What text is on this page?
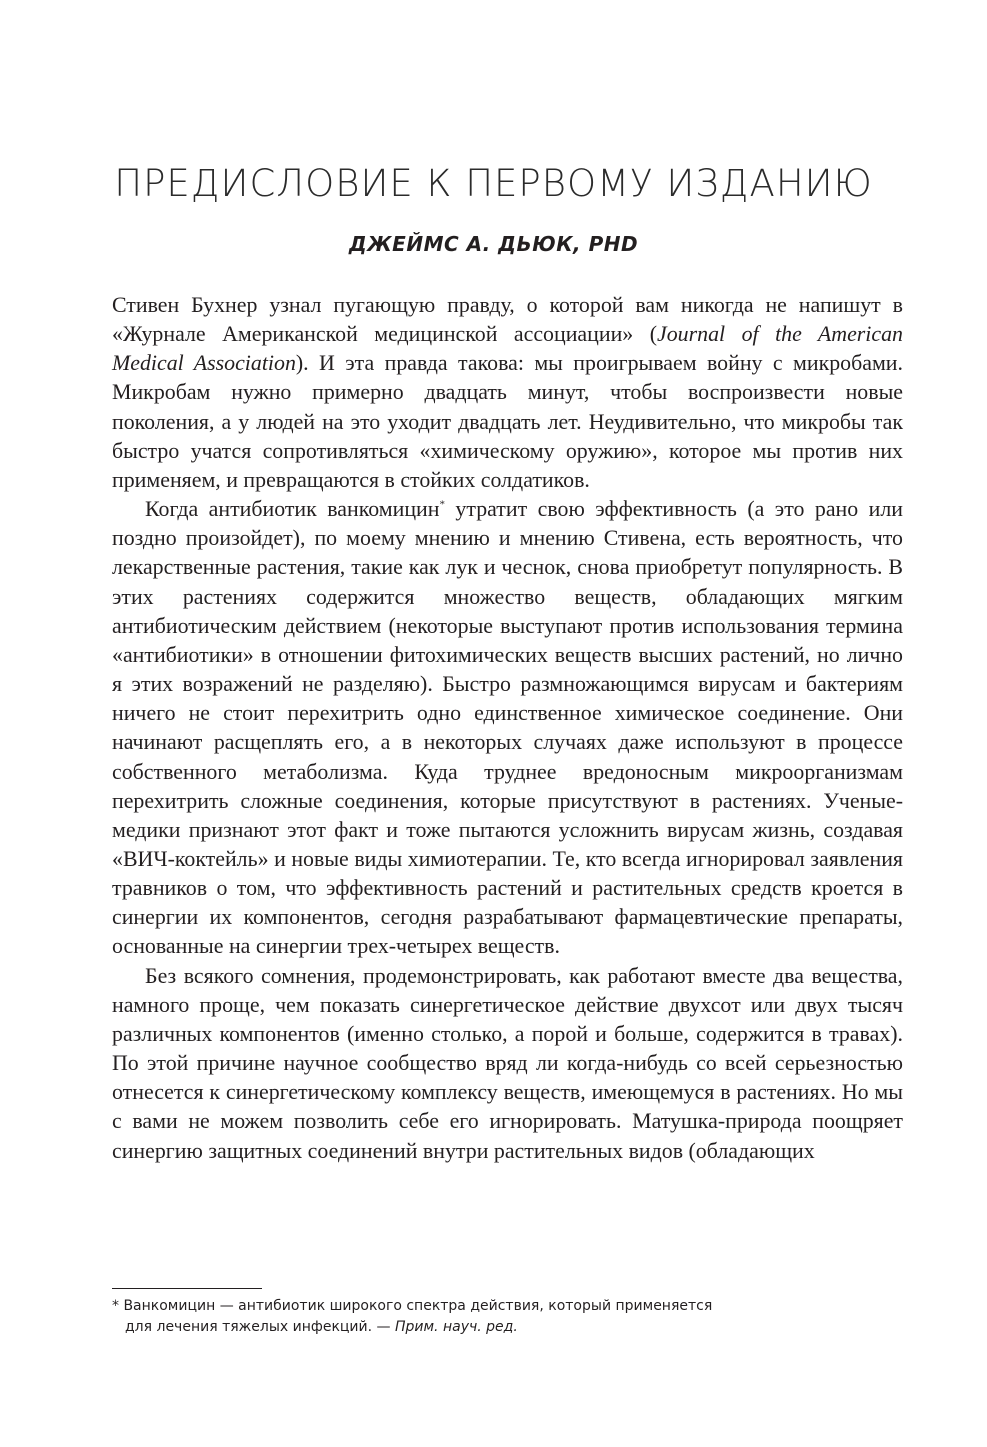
ПРЕДИСЛОВИЕ К ПЕРВОМУ ИЗДАНИЮ
ДЖЕЙМС А. ДЬЮК, PHD

Стивен Бухнер узнал пугающую правду, о которой вам никогда не напишут в «Журнале Американской медицинской ассоциации» (Journal of the American Medical Association). И эта правда такова: мы проигрываем войну с микробами. Микробам нужно примерно двадцать минут, чтобы воспроизвести новые поколения, а у людей на это уходит двадцать лет. Неудивительно, что микробы так быстро учатся сопротивляться «химическому оружию», которое мы против них применяем, и превращаются в стойких солдатиков.

Когда антибиотик ванкомицин* утратит свою эффективность (а это рано или поздно произойдет), по моему мнению и мнению Стивена, есть вероятность, что лекарственные растения, такие как лук и чеснок, снова приобретут популярность. В этих растениях содержится множество веществ, обладающих мягким антибиотическим действием (некоторые выступают против использования термина «антибиотики» в отношении фитохимических веществ высших растений, но лично я этих возражений не разделяю). Быстро размножающимся вирусам и бактериям ничего не стоит перехитрить одно единственное химическое соединение. Они начинают расщеплять его, а в некоторых случаях даже используют в процессе собственного метаболизма. Куда труднее вредоносным микроорганизмам перехитрить сложные соединения, которые присутствуют в растениях. Ученые-медики признают этот факт и тоже пытаются усложнить вирусам жизнь, создавая «ВИЧ-коктейль» и новые виды химиотерапии. Те, кто всегда игнорировал заявления травников о том, что эффективность растений и растительных средств кроется в синергии их компонентов, сегодня разрабатывают фармацевтические препараты, основанные на синергии трех-четырех веществ.

Без всякого сомнения, продемонстрировать, как работают вместе два вещества, намного проще, чем показать синергетическое действие двухсот или двух тысяч различных компонентов (именно столько, а порой и больше, содержится в травах). По этой причине научное сообщество вряд ли когда-нибудь со всей серьезностью отнесется к синергетическому комплексу веществ, имеющемуся в растениях. Но мы с вами не можем позволить себе его игнорировать. Матушка-природа поощряет синергию защитных соединений внутри растительных видов (обладающих

* Ванкомицин — антибиотик широкого спектра действия, который применяется
для лечения тяжелых инфекций. — Прим. науч. ред.
